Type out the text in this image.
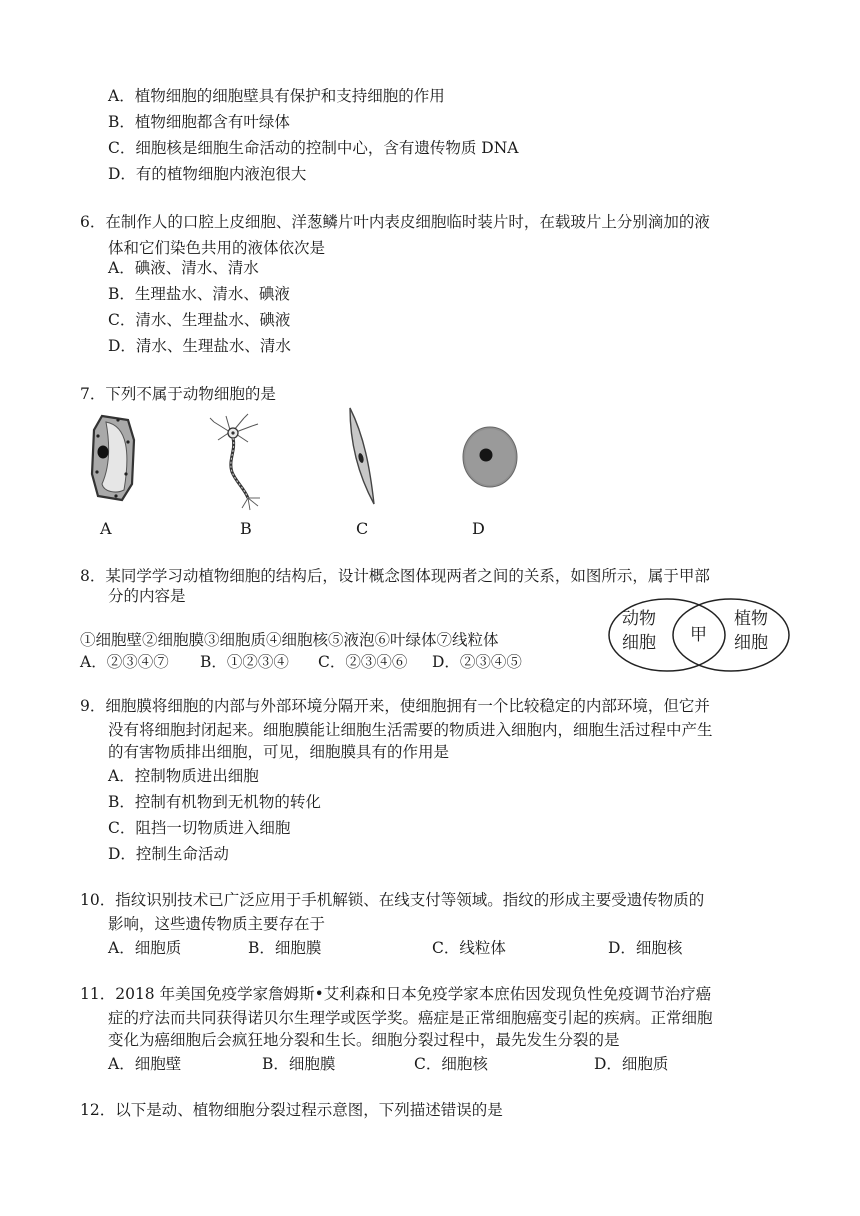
A．植物细胞的细胞壁具有保护和支持细胞的作用
B．植物细胞都含有叶绿体
C．细胞核是细胞生命活动的控制中心，含有遗传物质 DNA
D．有的植物细胞内液泡很大
6．在制作人的口腔上皮细胞、洋葱鳞片叶内表皮细胞临时装片时，在载玻片上分别滴加的液
体和它们染色共用的液体依次是
A．碘液、清水、清水
B．生理盐水、清水、碘液
C．清水、生理盐水、碘液
D．清水、生理盐水、清水
7．下列不属于动物细胞的是
A	B	C	D
8．某同学学习动植物细胞的结构后，设计概念图体现两者之间的关系，如图所示，属于甲部
分的内容是
①细胞壁②细胞膜③细胞质④细胞核⑤液泡⑥叶绿体⑦线粒体
A．②③④⑦ B．①②③④ C．②③④⑥ D．②③④⑤
动物
细胞 甲
植物
细胞
9．细胞膜将细胞的内部与外部环境分隔开来，使细胞拥有一个比较稳定的内部环境，但它并
没有将细胞封闭起来。细胞膜能让细胞生活需要的物质进入细胞内，细胞生活过程中产生
的有害物质排出细胞，可见，细胞膜具有的作用是
A．控制物质进出细胞
B．控制有机物到无机物的转化
C．阻挡一切物质进入细胞
D．控制生命活动
10．指纹识别技术已广泛应用于手机解锁、在线支付等领域。指纹的形成主要受遗传物质的
影响，这些遗传物质主要存在于
A．细胞质	B．细胞膜	C．线粒体	D．细胞核
11．2018 年美国免疫学家詹姆斯•艾利森和日本免疫学家本庶佑因发现负性免疫调节治疗癌
症的疗法而共同获得诺贝尔生理学或医学奖。癌症是正常细胞癌变引起的疾病。正常细胞
变化为癌细胞后会疯狂地分裂和生长。细胞分裂过程中，最先发生分裂的是
A．细胞壁	B．细胞膜	C．细胞核	D．细胞质
12．以下是动、植物细胞分裂过程示意图，下列描述错误的是
